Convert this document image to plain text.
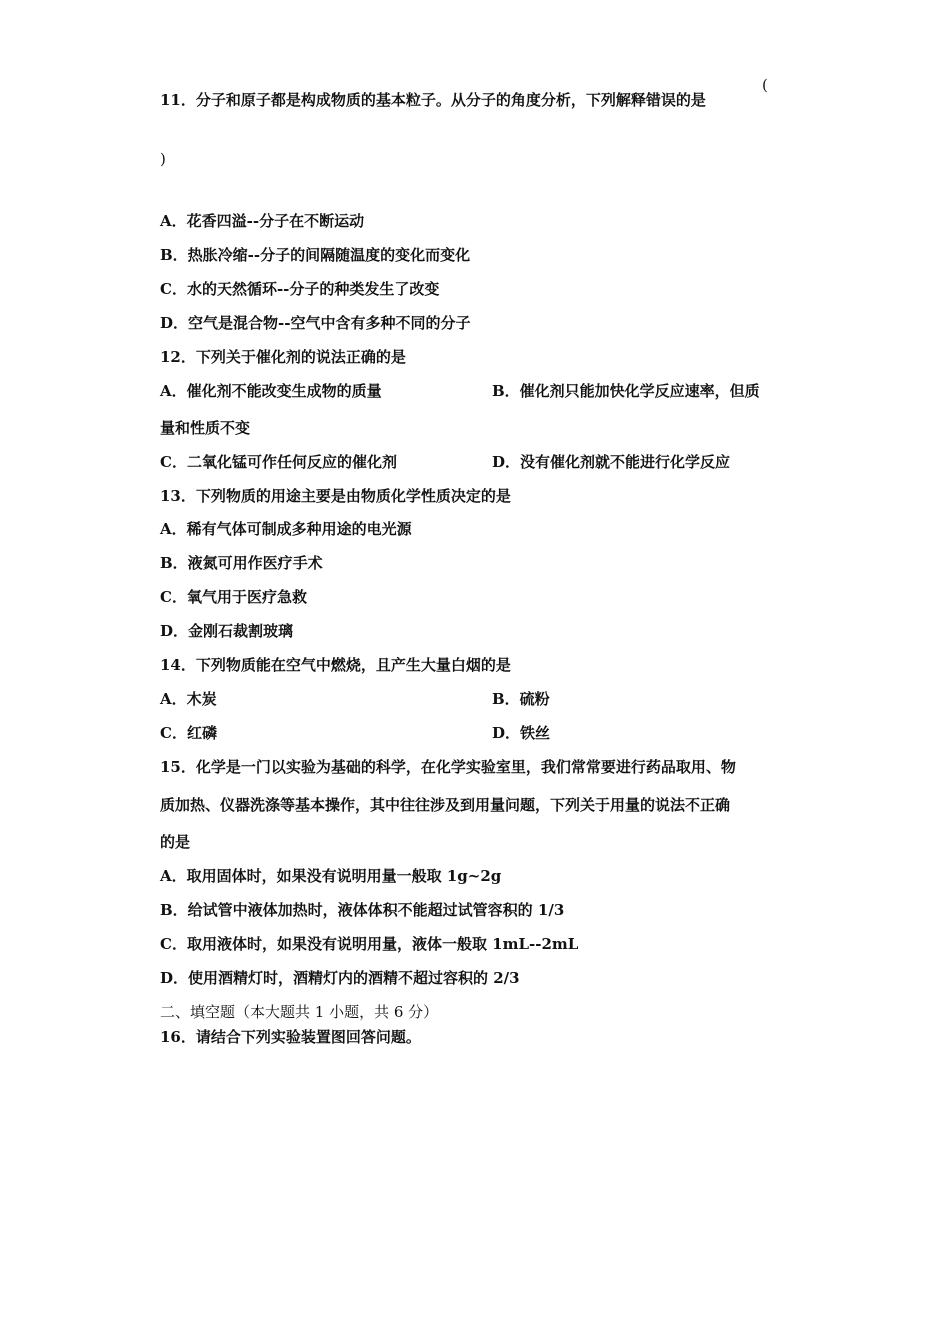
11．分子和原子都是构成物质的基本粒子。从分子的角度分析，下列解释错误的是
(
)
A．花香四溢--分子在不断运动
B．热胀冷缩--分子的间隔随温度的变化而变化
C．水的天然循环--分子的种类发生了改变
D．空气是混合物--空气中含有多种不同的分子
12．下列关于催化剂的说法正确的是
A．催化剂不能改变生成物的质量	B．催化剂只能加快化学反应速率，但质
量和性质不变
C．二氧化锰可作任何反应的催化剂	D．没有催化剂就不能进行化学反应
13．下列物质的用途主要是由物质化学性质决定的是
A．稀有气体可制成多种用途的电光源
B．液氮可用作医疗手术
C．氧气用于医疗急救
D．金刚石裁割玻璃
14．下列物质能在空气中燃烧，且产生大量白烟的是
A．木炭	B．硫粉
C．红磷	D．铁丝
15．化学是一门以实验为基础的科学，在化学实验室里，我们常常要进行药品取用、物
质加热、仪器洗涤等基本操作，其中往往涉及到用量问题，下列关于用量的说法不正确
的是
A．取用固体时，如果没有说明用量一般取 1g~2g
B．给试管中液体加热时，液体体积不能超过试管容积的 1/3
C．取用液体时，如果没有说明用量，液体一般取 1mL--2mL
D．使用酒精灯时，酒精灯内的酒精不超过容积的 2/3
二、填空题（本大题共 1 小题，共 6 分）
16．请结合下列实验装置图回答问题。
